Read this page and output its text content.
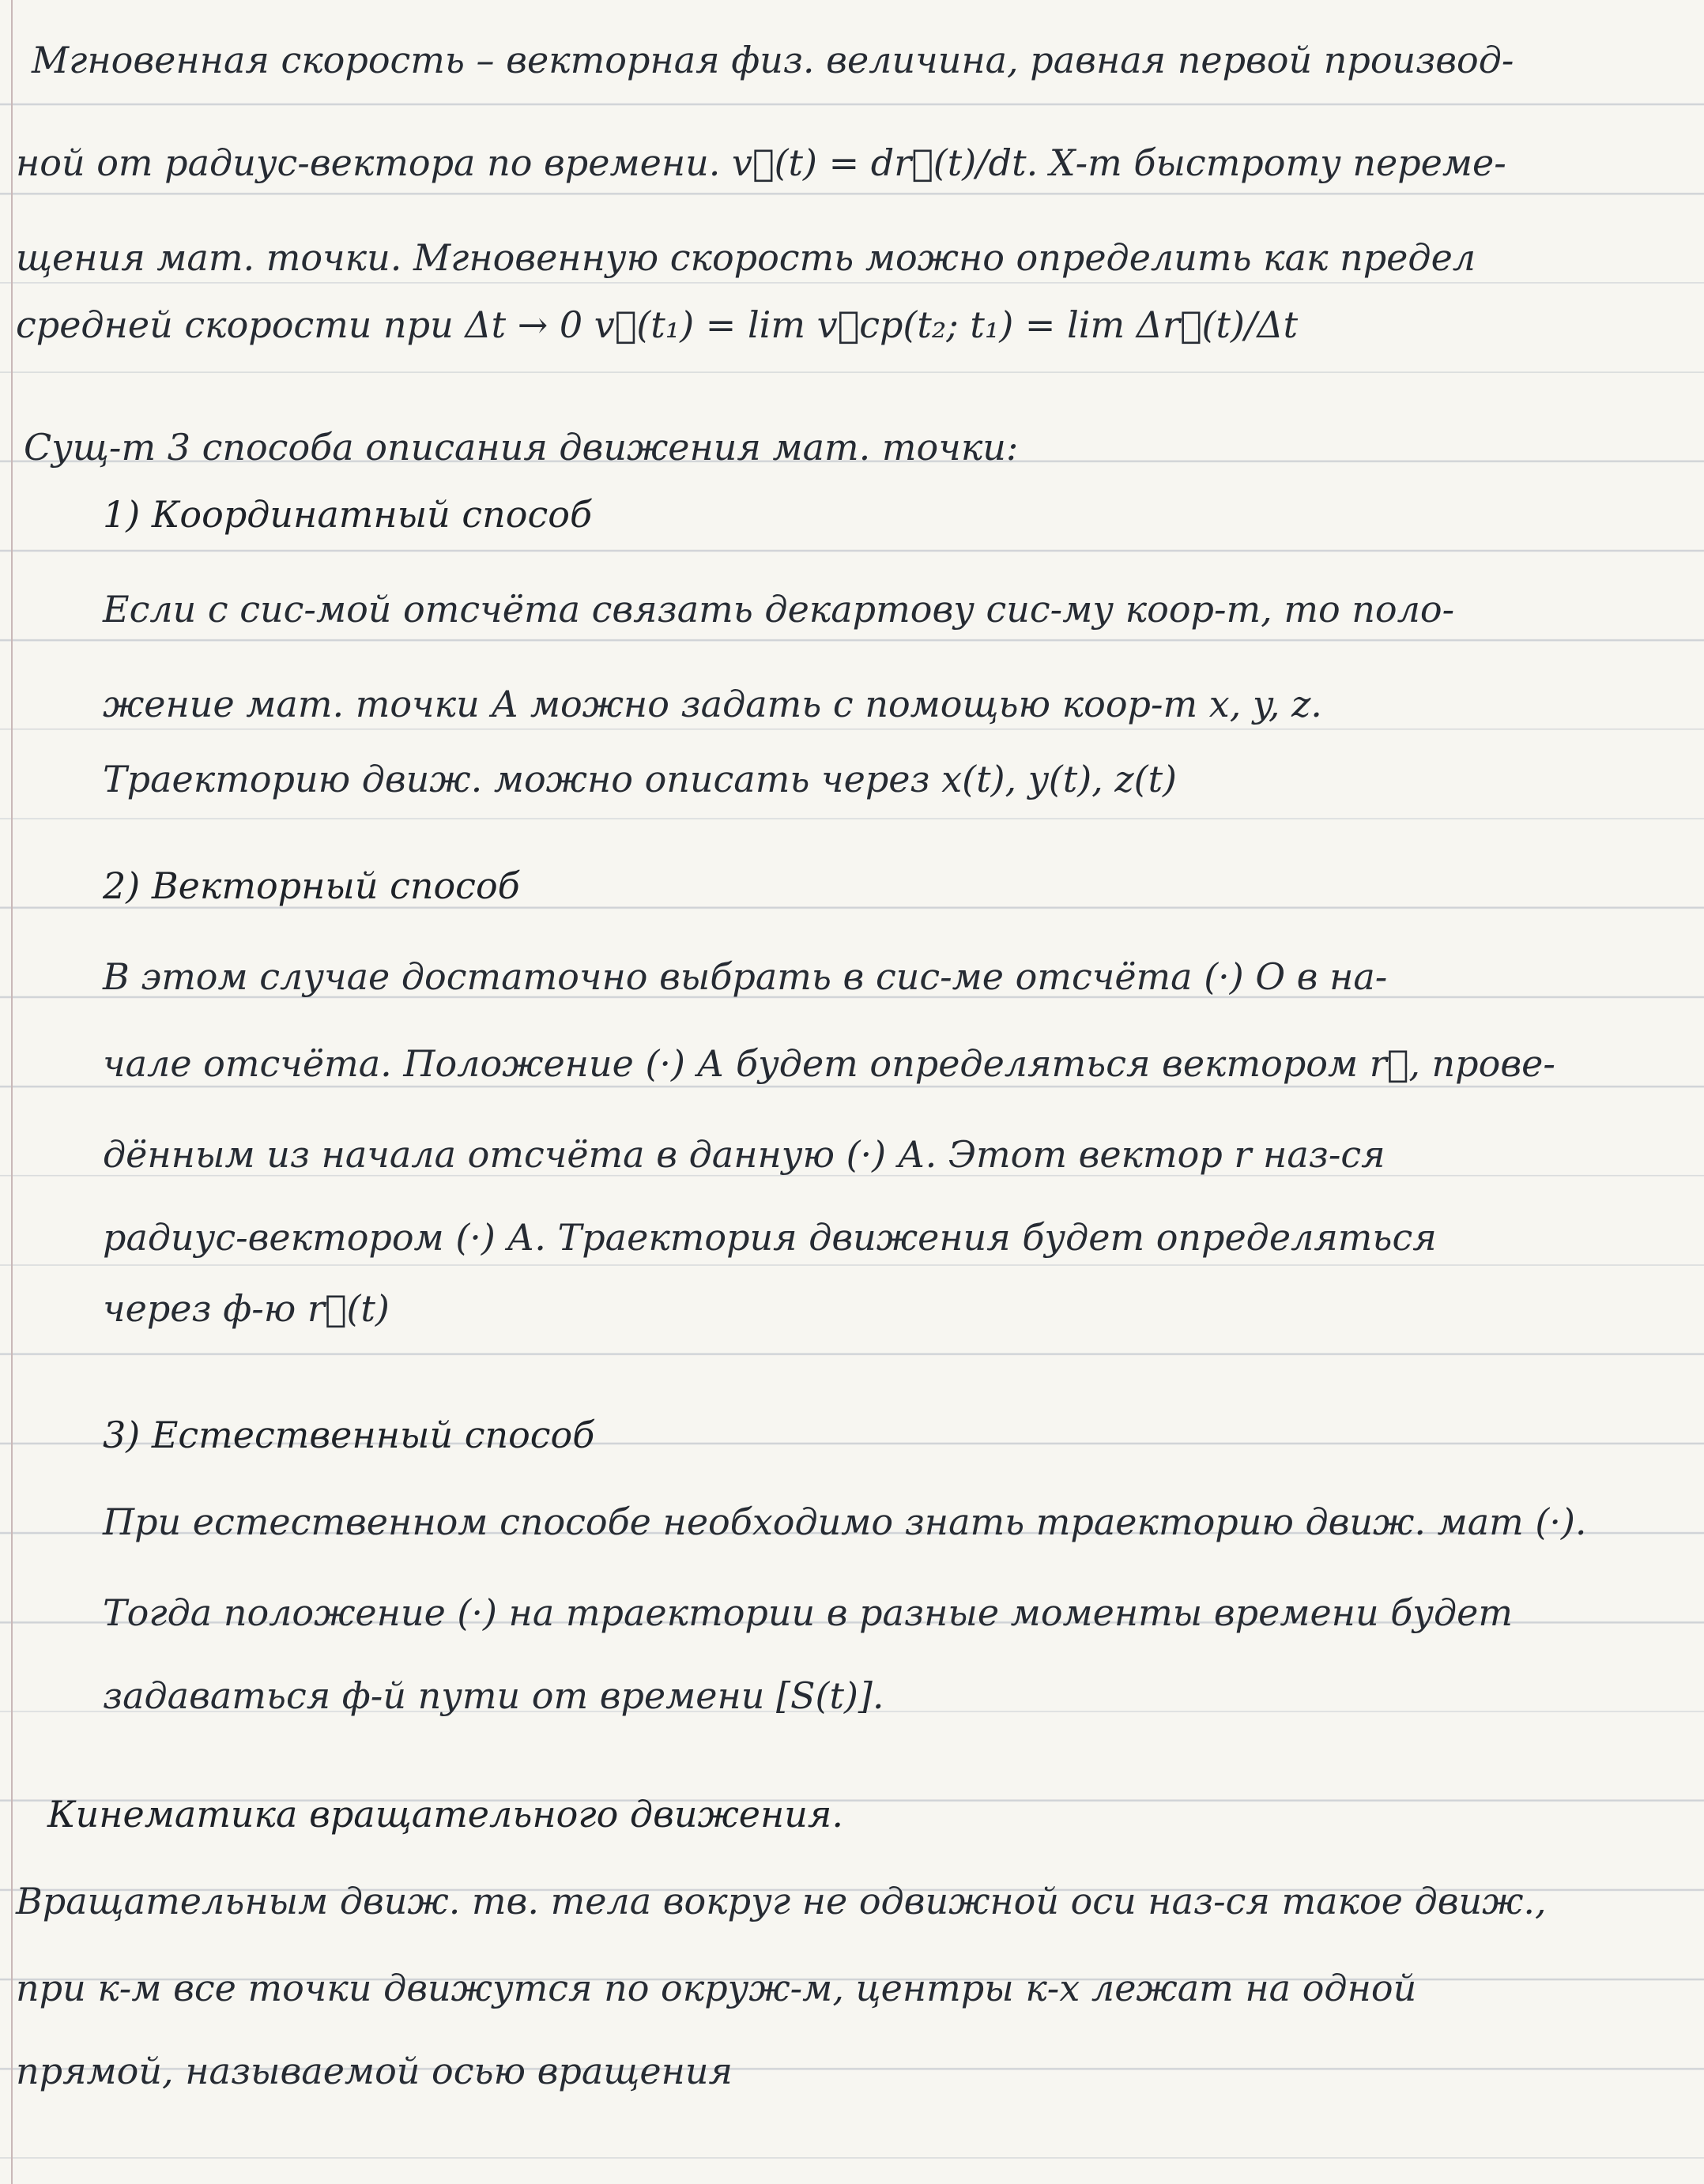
Мгновенная скорость – векторная физ. величина, равная первой производ-
ной от радиус-вектора по времени. v⃗(t) = dr⃗(t)/dt. Х-т быстроту переме-
щения мат. точки. Мгновенную скорость можно определить как предел
средней скорости при Δt → 0 v⃗(t₁) = lim v⃗ср(t₂; t₁) = lim Δr⃗(t)/Δt
Сущ-т 3 способа описания движения мат. точки:
1) Координатный способ
Если с сис-мой отсчёта связать декартову сис-му коор-т, то поло-
жение мат. точки А можно задать с помощью коор-т x, y, z.
Траекторию движ. можно описать через x(t), y(t), z(t)
2) Векторный способ
В этом случае достаточно выбрать в сис-ме отсчёта (·) О в на-
чале отсчёта. Положение (·) А будет определяться вектором r⃗, прове-
дённым из начала отсчёта в данную (·) А. Этот вектор r наз-ся
радиус-вектором (·) А. Траектория движения будет определяться
через ф-ю r⃗(t)
3) Естественный способ
При естественном способе необходимо знать траекторию движ. мат (·).
Тогда положение (·) на траектории в разные моменты времени будет
задаваться ф-й пути от времени [S(t)].
Кинематика вращательного движения.
Вращательным движ. тв. тела вокруг не одвижной оси наз-ся такое движ.,
при к-м все точки движутся по окруж-м, центры к-х лежат на одной
прямой, называемой осью вращения
